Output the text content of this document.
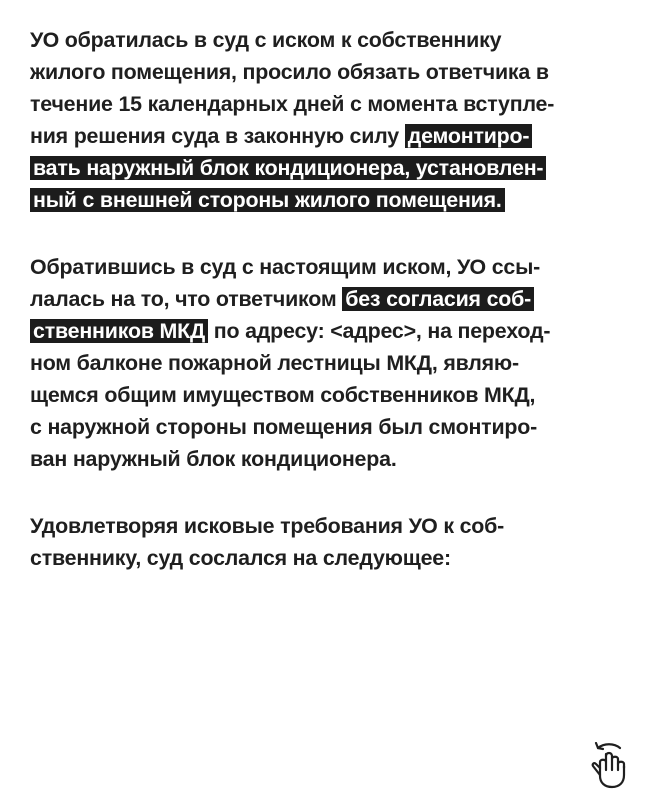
УО обратилась в суд с иском к собственнику
жилого помещения, просило обязать ответчика в
течение 15 календарных дней с момента вступле-
ния решения суда в законную силу демонтиро-
вать наружный блок кондиционера, установлен-
ный с внешней стороны жилого помещения.

Обратившись в суд с настоящим иском, УО ссы-
лалась на то, что ответчиком без согласия соб-
ственников МКД по адресу: <адрес>, на переход-
ном балконе пожарной лестницы МКД, являю-
щемся общим имуществом собственников МКД,
с наружной стороны помещения был смонтиро-
ван наружный блок кондиционера.

Удовлетворяя исковые требования УО к соб-
ственнику, суд сослался на следующее:
